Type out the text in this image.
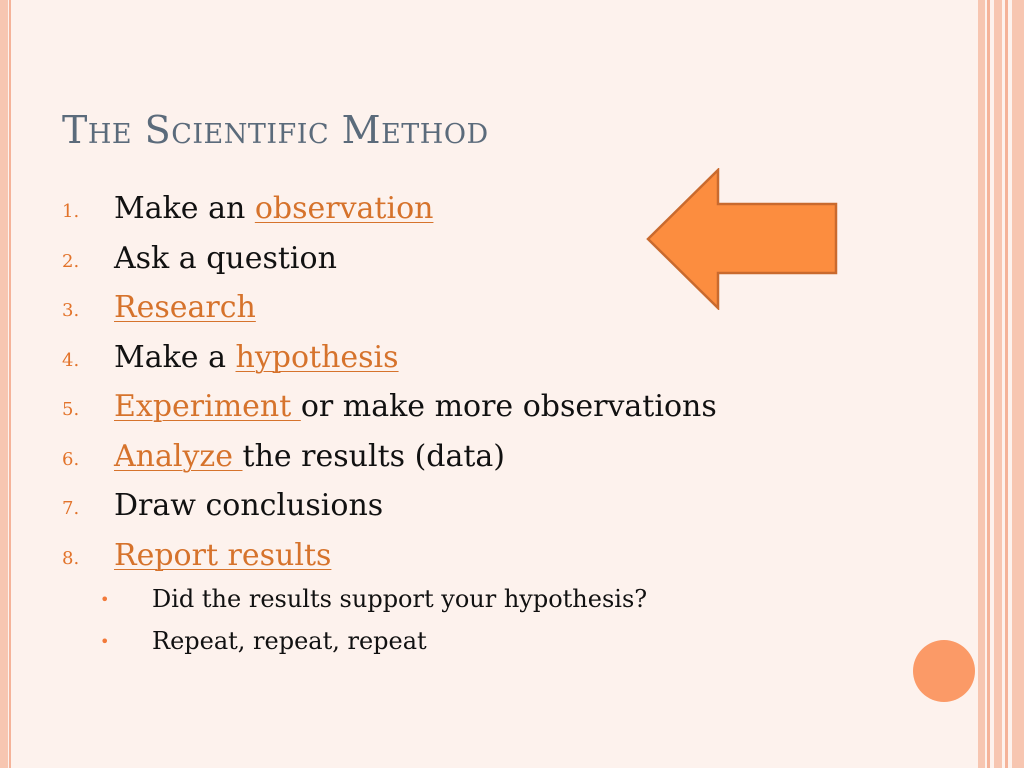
The Scientific Method
1.	Make an observation
2.	Ask a question
3.	Research
4.	Make a hypothesis
5.	Experiment or make more observations
6.	Analyze the results (data)
7.	Draw conclusions
8.	Report results
•	Did the results support your hypothesis?
•	Repeat, repeat, repeat
